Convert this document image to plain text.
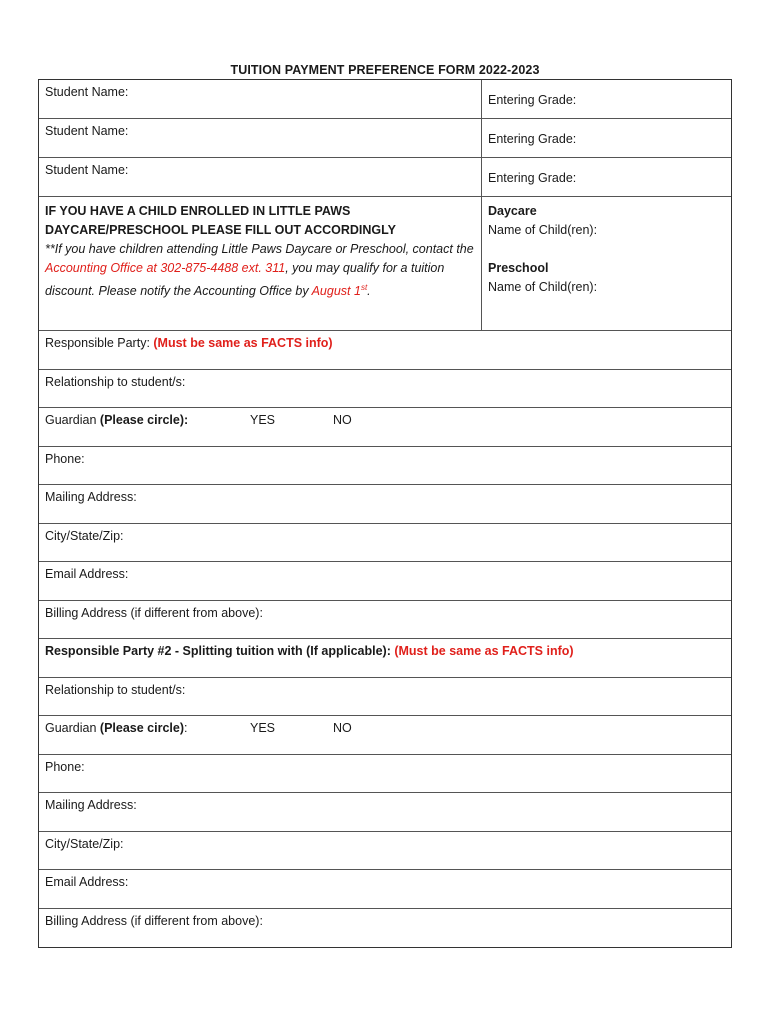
TUITION PAYMENT PREFERENCE FORM 2022-2023
Student Name:
Entering Grade:
Student Name:
Entering Grade:
Student Name:
Entering Grade:
IF YOU HAVE A CHILD ENROLLED IN LITTLE PAWS DAYCARE/PRESCHOOL PLEASE FILL OUT ACCORDINGLY
**If you have children attending Little Paws Daycare or Preschool, contact the Accounting Office at 302-875-4488 ext. 311, you may qualify for a tuition discount. Please notify the Accounting Office by August 1st.
Daycare
Name of Child(ren):
Preschool
Name of Child(ren):
Responsible Party: (Must be same as FACTS info)
Relationship to student/s:
Guardian (Please circle):	YES	NO
Phone:
Mailing Address:
City/State/Zip:
Email Address:
Billing Address (if different from above):
Responsible Party #2 - Splitting tuition with (If applicable): (Must be same as FACTS info)
Relationship to student/s:
Guardian (Please circle):	YES	NO
Phone:
Mailing Address:
City/State/Zip:
Email Address:
Billing Address (if different from above):
